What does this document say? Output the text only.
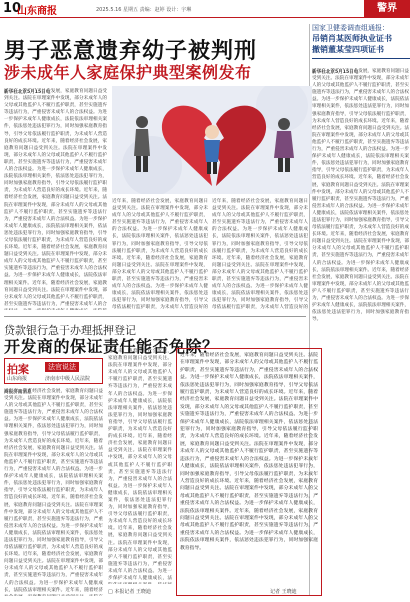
10
山东商报	2025.5.16 星期五 责编：赵婷 设计：宇琳	警界
男子恶意遗弃幼子被判刑
涉未成年人家庭保护典型案例发布
国家卫健委调查组通报：
吊销肖某医师执业证书
撤销董某莹四项证书
近年来，随着经济社会发展，家庭教育问题日益受到关注。法院在审理案件中发现，部分未成年人的父母或其他监护人不履行监护职责，甚至实施遗弃等违法行为，严重侵害未成年人的合法权益。为进一步保护未成年人健康成长，法院依法审理相关案件，依法惩处违法犯罪行为，同时加强家庭教育指导，引导父母依法履行监护职责，为未成年人营造良好的成长环境。近年来，随着经济社会发展，家庭教育问题日益受到关注。法院在审理案件中发现，部分未成年人的父母或其他监护人不履行监护职责，甚至实施遗弃等违法行为，严重侵害未成年人的合法权益。为进一步保护未成年人健康成长，法院依法审理相关案件，依法惩处违法犯罪行为，同时加强家庭教育指导，引导父母依法履行监护职责，为未成年人营造良好的成长环境。近年来，随着经济社会发展，家庭教育问题日益受到关注。法院在审理案件中发现，部分未成年人的父母或其他监护人不履行监护职责，甚至实施遗弃等违法行为，严重侵害未成年人的合法权益。为进一步保护未成年人健康成长，法院依法审理相关案件，依法惩处违法犯罪行为，同时加强家庭教育指导，引导父母依法履行监护职责，为未成年人营造良好的成长环境。近年来，随着经济社会发展，家庭教育问题日益受到关注。法院在审理案件中发现，部分未成年人的父母或其他监护人不履行监护职责，甚至实施遗弃等违法行为，严重侵害未成年人的合法权益。为进一步保护未成年人健康成长，法院依法审理相关案件。近年来，随着经济社会发展，家庭教育问题日益受到关注。法院在审理案件中发现，部分未成年人的父母或其他监护人不履行监护职责，甚至实施遗弃等违法行为，严重侵害未成年人的合法权益。为进一步保护未成年人健康成长，法院依法审理相关案件，依法惩处违法犯罪行为，同时加强家庭教育指导。
新华社北京5月15日电
近年来，随着经济社会发展，家庭教育问题日益受到关注。法院在审理案件中发现，部分未成年人的父母或其他监护人不履行监护职责，甚至实施遗弃等违法行为，严重侵害未成年人的合法权益。为进一步保护未成年人健康成长，法院依法审理相关案件，依法惩处违法犯罪行为，同时加强家庭教育指导，引导父母依法履行监护职责，为未成年人营造良好的成长环境。近年来，随着经济社会发展，家庭教育问题日益受到关注。法院在审理案件中发现，部分未成年人的父母或其他监护人不履行监护职责，甚至实施遗弃等违法行为，严重侵害未成年人的合法权益。为进一步保护未成年人健康成长，法院依法审理相关案件，依法惩处违法犯罪行为，同时加强家庭教育指导，引导父母依法履行监护职责，为未成年人营造良好的成长环境。近年来，随着经济社会发展，家庭教育问题日益受到关注。法院在审理案件中发现，部分未成年人的父母或其他监护人不履行监护职责，甚至实施遗弃等违法行为，严重侵害未成年人的合法权益。为进一步保护未成年人健康成长，法院依法审理相关案件，依法惩处违法犯罪行为，同时加强家庭教育指导，引导父母依法履行监护职责，为未成年人营造良好的成长环境。近年来，随着经济社会发展，家庭教育问题日益受到关注。法院在审理案件中发现，部分未成年人的父母或其他监护人不履行监护职责，甚至实施遗弃等违法行为，严重侵害未成年人的合法权益。为进一步保护未成年人健康成长，法院依法审理相关案件。近年来，随着经济社会发展，家庭教育问题日益受到关注。法院在审理案件中发现，部分未成年人的父母或其他监护人不履行监护职责，甚至实施遗弃等违法行为，严重侵害未成年人的合法权益。为进一步保护未成年人健康成长，法院依法审理相关案件，依法惩处违法犯罪行为，同时加强家庭教育指导。
新华社北京5月15日电
近年来，随着经济社会发展，家庭教育问题日益受到关注。法院在审理案件中发现，部分未成年人的父母或其他监护人不履行监护职责，甚至实施遗弃等违法行为，严重侵害未成年人的合法权益。为进一步保护未成年人健康成长，法院依法审理相关案件，依法惩处违法犯罪行为，同时加强家庭教育指导，引导父母依法履行监护职责，为未成年人营造良好的成长环境。近年来，随着经济社会发展，家庭教育问题日益受到关注。法院在审理案件中发现，部分未成年人的父母或其他监护人不履行监护职责，甚至实施遗弃等违法行为，严重侵害未成年人的合法权益。为进一步保护未成年人健康成长，法院依法审理相关案件，依法惩处违法犯罪行为，同时加强家庭教育指导，引导父母依法履行监护职责，为未成年人营造良好的成长环境。近年来，随着经济社会发展，家庭教育问题日益受到关注。法院在审理案件中发现，部分未成年人的父母或其他监护人不履行监护职责，甚至实施遗弃等违法行为，严重侵害未成年人的合法权益。为进一步保护未成年人健康成长，法院依法审理相关案件，依法惩处违法犯罪行为，同时加强家庭教育指导，引导父母依法履行监护职责，为未成年人营造良好的成长环境。近年来，随着经济社会发展，家庭教育问题日益受到关注。法院在审理案件中发现，部分未成年人的父母或其他监护人不履行监护职责，甚至实施遗弃等违法行为，严重侵害未成年人的合法权益。为进一步保护未成年人健康成长，法院依法审理相关案件。近年来，随着经济社会发展，家庭教育问题日益受到关注。法院在审理案件中发现，部分未成年人的父母或其他监护人不履行监护职责，甚至实施遗弃等违法行为，严重侵害未成年人的合法权益。为进一步保护未成年人健康成长，法院依法审理相关案件，依法惩处违法犯罪行为，同时加强家庭教育指导。
近年来，随着经济社会发展，家庭教育问题日益受到关注。法院在审理案件中发现，部分未成年人的父母或其他监护人不履行监护职责，甚至实施遗弃等违法行为，严重侵害未成年人的合法权益。为进一步保护未成年人健康成长，法院依法审理相关案件，依法惩处违法犯罪行为，同时加强家庭教育指导，引导父母依法履行监护职责，为未成年人营造良好的成长环境。近年来，随着经济社会发展，家庭教育问题日益受到关注。法院在审理案件中发现，部分未成年人的父母或其他监护人不履行监护职责，甚至实施遗弃等违法行为，严重侵害未成年人的合法权益。为进一步保护未成年人健康成长，法院依法审理相关案件，依法惩处违法犯罪行为，同时加强家庭教育指导，引导父母依法履行监护职责，为未成年人营造良好的成长环境。近年来，随着经济社会发展，家庭教育问题日益受到关注。法院在审理案件中发现，部分未成年人的父母或其他监护人不履行监护职责，甚至实施遗弃等违法行为，严重侵害未成年人的合法权益。为进一步保护未成年人健康成长，法院依法审理相关案件，依法惩处违法犯罪行为，同时加强家庭教育指导，引导父母依法履行监护职责，为未成年人营造良好的成长环境。近年来，随着经济社会发展，家庭教育问题日益受到关注。法院在审理案件中发现，部分未成年人的父母或其他监护人不履行监护职责，甚至实施遗弃等违法行为，严重侵害未成年人的合法权益。为进一步保护未成年人健康成长，法院依法审理相关案件。近年来，随着经济社会发展，家庭教育问题日益受到关注。法院在审理案件中发现，部分未成年人的父母或其他监护人不履行监护职责，甚至实施遗弃等违法行为，严重侵害未成年人的合法权益。为进一步保护未成年人健康成长，法院依法审理相关案件，依法惩处违法犯罪行为，同时加强家庭教育指导。
贷款银行急于办理抵押登记
开发商的保证责任能否免除？
拍案	法官说法
山东商报	济南市中级人民法院
近年来，随着经济社会发展，家庭教育问题日益受到关注。法院在审理案件中发现，部分未成年人的父母或其他监护人不履行监护职责，甚至实施遗弃等违法行为，严重侵害未成年人的合法权益。为进一步保护未成年人健康成长，法院依法审理相关案件，依法惩处违法犯罪行为，同时加强家庭教育指导，引导父母依法履行监护职责，为未成年人营造良好的成长环境。近年来，随着经济社会发展，家庭教育问题日益受到关注。法院在审理案件中发现，部分未成年人的父母或其他监护人不履行监护职责，甚至实施遗弃等违法行为，严重侵害未成年人的合法权益。为进一步保护未成年人健康成长，法院依法审理相关案件，依法惩处违法犯罪行为，同时加强家庭教育指导，引导父母依法履行监护职责，为未成年人营造良好的成长环境。近年来，随着经济社会发展，家庭教育问题日益受到关注。法院在审理案件中发现，部分未成年人的父母或其他监护人不履行监护职责，甚至实施遗弃等违法行为，严重侵害未成年人的合法权益。为进一步保护未成年人健康成长，法院依法审理相关案件，依法惩处违法犯罪行为，同时加强家庭教育指导，引导父母依法履行监护职责，为未成年人营造良好的成长环境。近年来，随着经济社会发展，家庭教育问题日益受到关注。法院在审理案件中发现，部分未成年人的父母或其他监护人不履行监护职责，甚至实施遗弃等违法行为，严重侵害未成年人的合法权益。为进一步保护未成年人健康成长，法院依法审理相关案件。近年来，随着经济社会发展，家庭教育问题日益受到关注。法院在审理案件中发现，部分未成年人的父母或其他监护人不履行监护职责，甚至实施遗弃等违法行为，严重侵害未成年人的合法权益。为进一步保护未成年人健康成长，法院依法审理相关案件，依法惩处违法犯罪行为，同时加强家庭教育指导。
商报济南消息
近年来，随着经济社会发展，家庭教育问题日益受到关注。法院在审理案件中发现，部分未成年人的父母或其他监护人不履行监护职责，甚至实施遗弃等违法行为，严重侵害未成年人的合法权益。为进一步保护未成年人健康成长，法院依法审理相关案件，依法惩处违法犯罪行为，同时加强家庭教育指导，引导父母依法履行监护职责，为未成年人营造良好的成长环境。近年来，随着经济社会发展，家庭教育问题日益受到关注。法院在审理案件中发现，部分未成年人的父母或其他监护人不履行监护职责，甚至实施遗弃等违法行为，严重侵害未成年人的合法权益。为进一步保护未成年人健康成长，法院依法审理相关案件，依法惩处违法犯罪行为，同时加强家庭教育指导，引导父母依法履行监护职责，为未成年人营造良好的成长环境。近年来，随着经济社会发展，家庭教育问题日益受到关注。法院在审理案件中发现，部分未成年人的父母或其他监护人不履行监护职责，甚至实施遗弃等违法行为，严重侵害未成年人的合法权益。为进一步保护未成年人健康成长，法院依法审理相关案件，依法惩处违法犯罪行为，同时加强家庭教育指导，引导父母依法履行监护职责，为未成年人营造良好的成长环境。近年来，随着经济社会发展，家庭教育问题日益受到关注。法院在审理案件中发现，部分未成年人的父母或其他监护人不履行监护职责，甚至实施遗弃等违法行为，严重侵害未成年人的合法权益。为进一步保护未成年人健康成长，法院依法审理相关案件。近年来，随着经济社会发展，家庭教育问题日益受到关注。法院在审理案件中发现，部分未成年人的父母或其他监护人不履行监护职责，甚至实施遗弃等违法行为，严重侵害未成年人的合法权益。为进一步保护未成年人健康成长，法院依法审理相关案件，依法惩处违法犯罪行为，同时加强家庭教育指导。
□ 本报记者 王晓迪
近年来，随着经济社会发展，家庭教育问题日益受到关注。法院在审理案件中发现，部分未成年人的父母或其他监护人不履行监护职责，甚至实施遗弃等违法行为，严重侵害未成年人的合法权益。为进一步保护未成年人健康成长，法院依法审理相关案件，依法惩处违法犯罪行为，同时加强家庭教育指导，引导父母依法履行监护职责，为未成年人营造良好的成长环境。近年来，随着经济社会发展，家庭教育问题日益受到关注。法院在审理案件中发现，部分未成年人的父母或其他监护人不履行监护职责，甚至实施遗弃等违法行为，严重侵害未成年人的合法权益。为进一步保护未成年人健康成长，法院依法审理相关案件，依法惩处违法犯罪行为，同时加强家庭教育指导，引导父母依法履行监护职责，为未成年人营造良好的成长环境。近年来，随着经济社会发展，家庭教育问题日益受到关注。法院在审理案件中发现，部分未成年人的父母或其他监护人不履行监护职责，甚至实施遗弃等违法行为，严重侵害未成年人的合法权益。为进一步保护未成年人健康成长，法院依法审理相关案件，依法惩处违法犯罪行为，同时加强家庭教育指导，引导父母依法履行监护职责，为未成年人营造良好的成长环境。近年来，随着经济社会发展，家庭教育问题日益受到关注。法院在审理案件中发现，部分未成年人的父母或其他监护人不履行监护职责，甚至实施遗弃等违法行为，严重侵害未成年人的合法权益。为进一步保护未成年人健康成长，法院依法审理相关案件。近年来，随着经济社会发展，家庭教育问题日益受到关注。法院在审理案件中发现，部分未成年人的父母或其他监护人不履行监护职责，甚至实施遗弃等违法行为，严重侵害未成年人的合法权益。为进一步保护未成年人健康成长，法院依法审理相关案件，依法惩处违法犯罪行为，同时加强家庭教育指导。	记者 王晓迪
